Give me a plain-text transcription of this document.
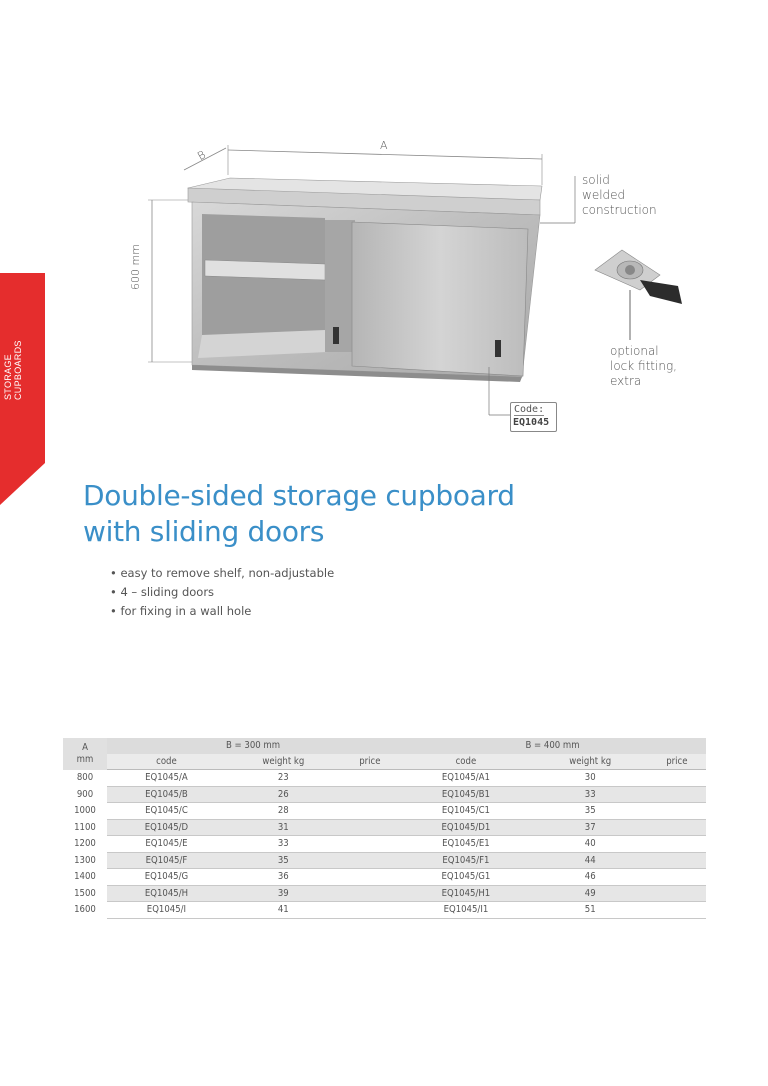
STORAGE CUPBOARDS
A
B
600 mm
solid
welded
construction
optional
lock fitting,
extra
Code:
EQ1045
Double-sided storage cupboard
with sliding doors
• easy to remove shelf, non-adjustable
• 4 – sliding doors
• for fixing in a wall hole
A
mm	B = 300 mm			B = 400 mm		
	code	weight kg	price	code	weight kg	price
800	EQ1045/A	23		EQ1045/A1	30	
900	EQ1045/B	26		EQ1045/B1	33	
1000	EQ1045/C	28		EQ1045/C1	35	
1100	EQ1045/D	31		EQ1045/D1	37	
1200	EQ1045/E	33		EQ1045/E1	40	
1300	EQ1045/F	35		EQ1045/F1	44	
1400	EQ1045/G	36		EQ1045/G1	46	
1500	EQ1045/H	39		EQ1045/H1	49	
1600	EQ1045/I	41		EQ1045/I1	51	
